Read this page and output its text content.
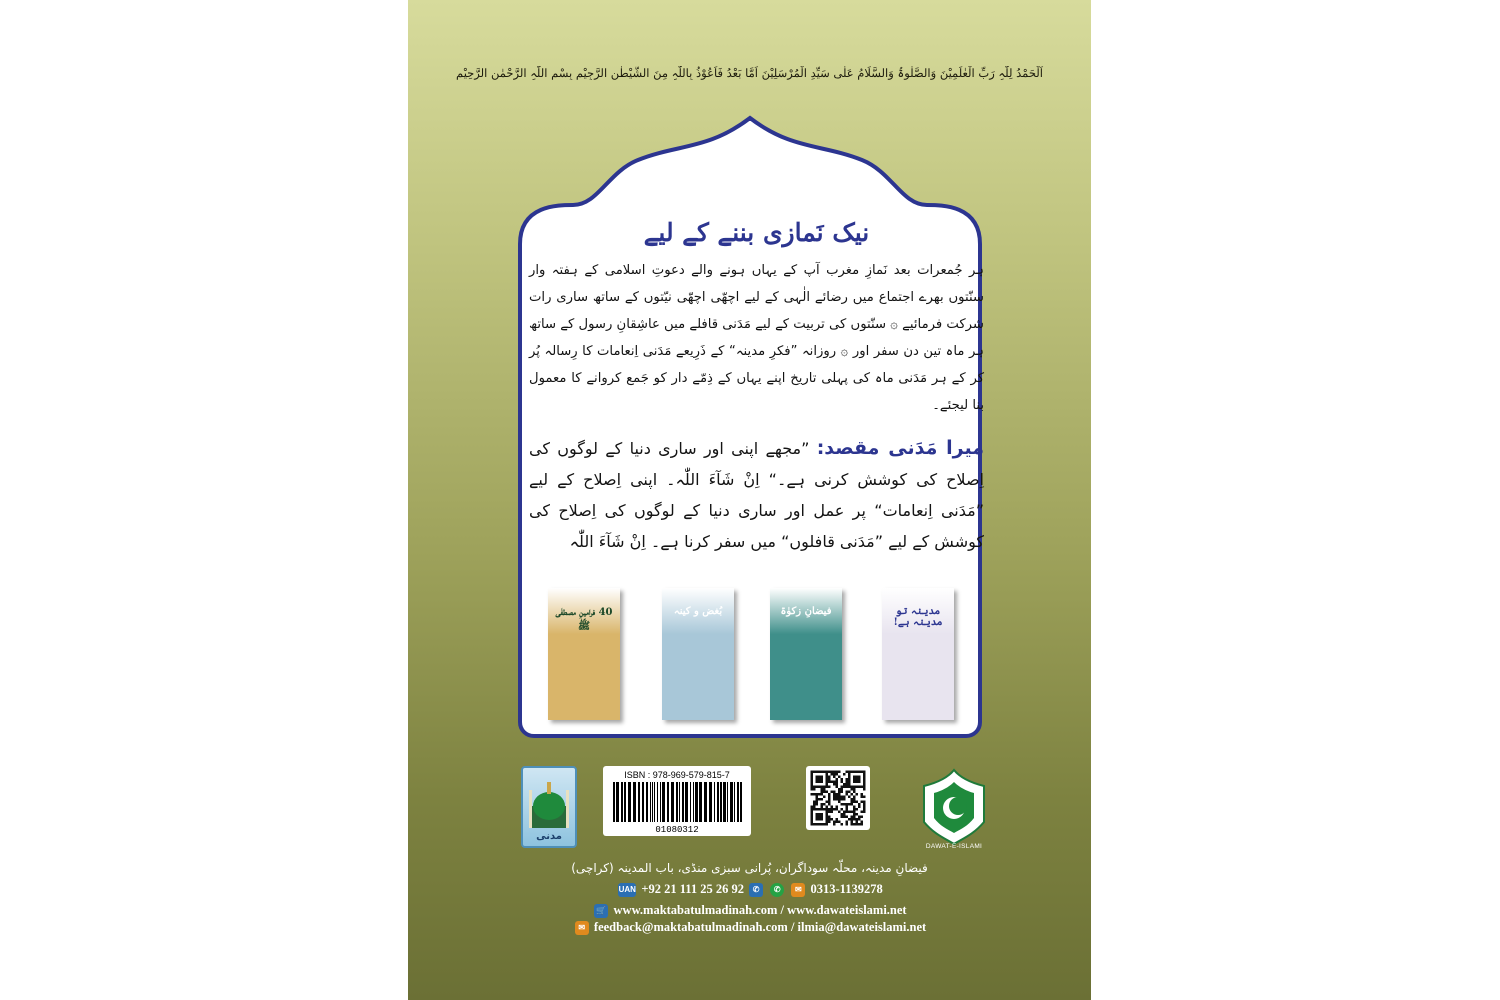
اَلْحَمْدُ لِلّٰہِ رَبِّ الْعٰلَمِیْنَ وَالصَّلٰوۃُ وَالسَّلَامُ عَلٰی سَیِّدِ الْمُرْسَلِیْنَ اَمَّا بَعْدُ فَاَعُوْذُ بِاللّٰہِ مِنَ الشَّیْطٰنِ الرَّجِیْمِ بِسْمِ اللّٰہِ الرَّحْمٰنِ الرَّحِیْمِ
نیک نَمازی بننے کے لیے

ہر جُمعرات بعد نَمازِ مغرب آپ کے یہاں ہونے والے دعوتِ اسلامی کے ہفتہ وار سنّتوں بھرے اجتماع میں رضائے الٰہی کے لیے اچھّی اچھّی نیّتوں کے ساتھ ساری رات شرکت فرمائیے ۞ سنّتوں کی تربیت کے لیے مَدَنی قافلے میں عاشِقانِ رسول کے ساتھ ہر ماہ تین دن سفر اور ۞ روزانہ ”فکرِ مدینہ“ کے ذَرِیعے مَدَنی اِنعامات کا رِسالہ پُر کر کے ہر مَدَنی ماہ کی پہلی تاریخ اپنے یہاں کے ذِمّے دار کو جَمع کروانے کا معمول بنا لیجئے۔

میرا مَدَنی مقصد: ”مجھے اپنی اور ساری دنیا کے لوگوں کی اِصلاح کی کوشش کرنی ہے۔“ اِنْ شَآءَ اللّٰہ۔ اپنی اِصلاح کے لیے ”مَدَنی اِنعامات“ پر عمل اور ساری دنیا کے لوگوں کی اِصلاح کی کوشش کے لیے ”مَدَنی قافلوں“ میں سفر کرنا ہے۔ اِنْ شَآءَ اللّٰہ

40 فرامینِ مصطفٰی ﷺ
بُغض و کینہ	فیضانِ زکوٰۃ	مدینہ تو مدینہ ہے!
مدنی
ISBN : 978-969-579-815-7
01080312
DAWAT-E-ISLAMI
فیضانِ مدینہ، محلّہ سوداگران، پُرانی سبزی منڈی، باب المدینہ (کراچی)
UAN +92 21 111 25 26 92 ✆ ✆ ✉ 0313-1139278
🛒 www.maktabatulmadinah.com / www.dawateislami.net
✉ feedback@maktabatulmadinah.com / ilmia@dawateislami.net
